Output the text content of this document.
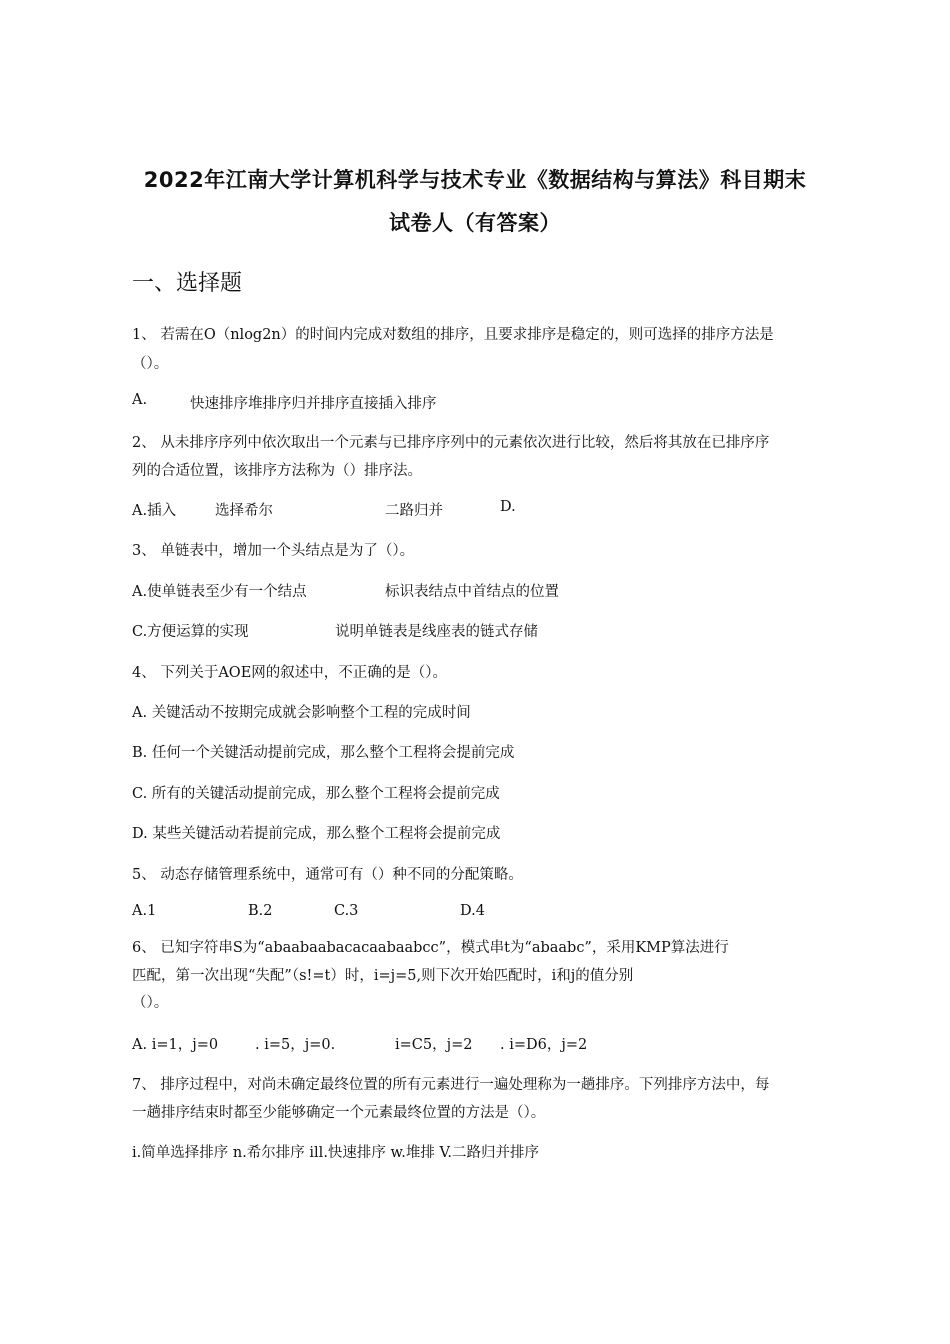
2022年江南大学计算机科学与技术专业《数据结构与算法》科目期末
试卷人（有答案）
一、选择题
1、 若需在O（nlog2n）的时间内完成对数组的排序，且要求排序是稳定的，则可选择的排序方法是
（）。
A.	快速排序堆排序归并排序直接插入排序
2、 从未排序序列中依次取出一个元素与已排序序列中的元素依次进行比较，然后将其放在已排序序
列的合适位置，该排序方法称为（）排序法。
A.插入	选择希尔	二路归并	D.
3、 单链表中，增加一个头结点是为了（）。
A.使单链表至少有一个结点	标识表结点中首结点的位置
C.方便运算的实现	说明单链表是线座表的链式存储
4、 下列关于AOE网的叙述中，不正确的是（）。
A. 关键活动不按期完成就会影响整个工程的完成时间
B. 任何一个关键活动提前完成，那么整个工程将会提前完成
C. 所有的关键活动提前完成，那么整个工程将会提前完成
D. 某些关键活动若提前完成，那么整个工程将会提前完成
5、 动态存储管理系统中，通常可有（）种不同的分配策略。
A.1	B.2	C.3	D.4
6、 已知字符串S为“abaabaabacacaabaabcc”，模式串t为“abaabc”，采用KMP算法进行
匹配，第一次出现“失配”（s!=t）时，i=j=5,则下次开始匹配时，i和j的值分别
（）。
A. i=1，j=0	. i=5，j=0.	i=C5，j=2 . i=D6，j=2
7、 排序过程中，对尚未确定最终位置的所有元素进行一遍处理称为一趟排序。下列排序方法中，每
一趟排序结束时都至少能够确定一个元素最终位置的方法是（）。
i.简单选择排序 n.希尔排序 ill.快速排序 w.堆排 V.二路归并排序
